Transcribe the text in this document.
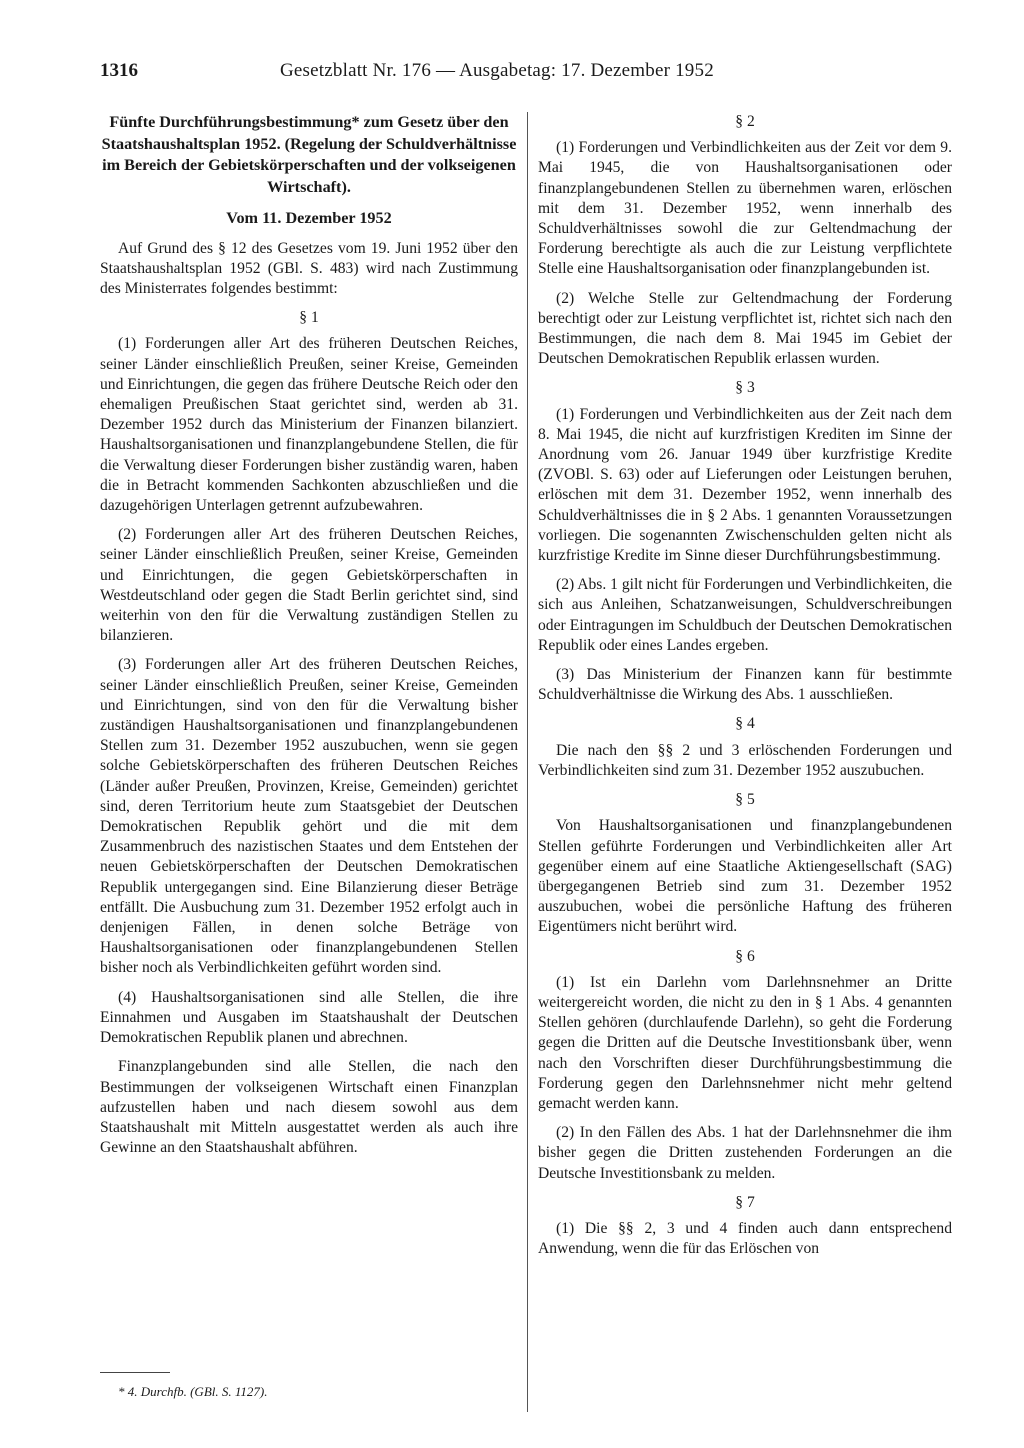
1316	Gesetzblatt Nr. 176 — Ausgabetag: 17. Dezember 1952
Fünfte Durchführungsbestimmung* zum Gesetz über den Staatshaushaltsplan 1952. (Regelung der Schuldverhältnisse im Bereich der Gebietskörperschaften und der volkseigenen Wirtschaft).
Vom 11. Dezember 1952

Auf Grund des § 12 des Gesetzes vom 19. Juni 1952 über den Staatshaushaltsplan 1952 (GBl. S. 483) wird nach Zustimmung des Ministerrates folgendes bestimmt:

§ 1

(1) Forderungen aller Art des früheren Deutschen Reiches, seiner Länder einschließlich Preußen, seiner Kreise, Gemeinden und Einrichtungen, die gegen das frühere Deutsche Reich oder den ehemaligen Preußischen Staat gerichtet sind, werden ab 31. Dezember 1952 durch das Ministerium der Finanzen bilanziert. Haushaltsorganisationen und finanzplangebundene Stellen, die für die Verwaltung dieser Forderungen bisher zuständig waren, haben die in Betracht kommenden Sachkonten abzuschließen und die dazugehörigen Unterlagen getrennt aufzubewahren.

(2) Forderungen aller Art des früheren Deutschen Reiches, seiner Länder einschließlich Preußen, seiner Kreise, Gemeinden und Einrichtungen, die gegen Gebietskörperschaften in Westdeutschland oder gegen die Stadt Berlin gerichtet sind, sind weiterhin von den für die Verwaltung zuständigen Stellen zu bilanzieren.

(3) Forderungen aller Art des früheren Deutschen Reiches, seiner Länder einschließlich Preußen, seiner Kreise, Gemeinden und Einrichtungen, sind von den für die Verwaltung bisher zuständigen Haushaltsorganisationen und finanzplangebundenen Stellen zum 31. Dezember 1952 auszubuchen, wenn sie gegen solche Gebietskörperschaften des früheren Deutschen Reiches (Länder außer Preußen, Provinzen, Kreise, Gemeinden) gerichtet sind, deren Territorium heute zum Staatsgebiet der Deutschen Demokratischen Republik gehört und die mit dem Zusammenbruch des nazistischen Staates und dem Entstehen der neuen Gebietskörperschaften der Deutschen Demokratischen Republik untergegangen sind. Eine Bilanzierung dieser Beträge entfällt. Die Ausbuchung zum 31. Dezember 1952 erfolgt auch in denjenigen Fällen, in denen solche Beträge von Haushaltsorganisationen oder finanzplangebundenen Stellen bisher noch als Verbindlichkeiten geführt worden sind.

(4) Haushaltsorganisationen sind alle Stellen, die ihre Einnahmen und Ausgaben im Staatshaushalt der Deutschen Demokratischen Republik planen und abrechnen.

Finanzplangebunden sind alle Stellen, die nach den Bestimmungen der volkseigenen Wirtschaft einen Finanzplan aufzustellen haben und nach diesem sowohl aus dem Staatshaushalt mit Mitteln ausgestattet werden als auch ihre Gewinne an den Staatshaushalt abführen.

§ 2

(1) Forderungen und Verbindlichkeiten aus der Zeit vor dem 9. Mai 1945, die von Haushaltsorganisationen oder finanzplangebundenen Stellen zu übernehmen waren, erlöschen mit dem 31. Dezember 1952, wenn innerhalb des Schuldverhältnisses sowohl die zur Geltendmachung der Forderung berechtigte als auch die zur Leistung verpflichtete Stelle eine Haushaltsorganisation oder finanzplangebunden ist.

(2) Welche Stelle zur Geltendmachung der Forderung berechtigt oder zur Leistung verpflichtet ist, richtet sich nach den Bestimmungen, die nach dem 8. Mai 1945 im Gebiet der Deutschen Demokratischen Republik erlassen wurden.

§ 3

(1) Forderungen und Verbindlichkeiten aus der Zeit nach dem 8. Mai 1945, die nicht auf kurzfristigen Krediten im Sinne der Anordnung vom 26. Januar 1949 über kurzfristige Kredite (ZVOBl. S. 63) oder auf Lieferungen oder Leistungen beruhen, erlöschen mit dem 31. Dezember 1952, wenn innerhalb des Schuldverhältnisses die in § 2 Abs. 1 genannten Voraussetzungen vorliegen. Die sogenannten Zwischenschulden gelten nicht als kurzfristige Kredite im Sinne dieser Durchführungsbestimmung.

(2) Abs. 1 gilt nicht für Forderungen und Verbindlichkeiten, die sich aus Anleihen, Schatzanweisungen, Schuldverschreibungen oder Eintragungen im Schuldbuch der Deutschen Demokratischen Republik oder eines Landes ergeben.

(3) Das Ministerium der Finanzen kann für bestimmte Schuldverhältnisse die Wirkung des Abs. 1 ausschließen.

§ 4

Die nach den §§ 2 und 3 erlöschenden Forderungen und Verbindlichkeiten sind zum 31. Dezember 1952 auszubuchen.

§ 5

Von Haushaltsorganisationen und finanzplangebundenen Stellen geführte Forderungen und Verbindlichkeiten aller Art gegenüber einem auf eine Staatliche Aktiengesellschaft (SAG) übergegangenen Betrieb sind zum 31. Dezember 1952 auszubuchen, wobei die persönliche Haftung des früheren Eigentümers nicht berührt wird.

§ 6

(1) Ist ein Darlehn vom Darlehnsnehmer an Dritte weitergereicht worden, die nicht zu den in § 1 Abs. 4 genannten Stellen gehören (durchlaufende Darlehn), so geht die Forderung gegen die Dritten auf die Deutsche Investitionsbank über, wenn nach den Vorschriften dieser Durchführungsbestimmung die Forderung gegen den Darlehnsnehmer nicht mehr geltend gemacht werden kann.

(2) In den Fällen des Abs. 1 hat der Darlehnsnehmer die ihm bisher gegen die Dritten zustehenden Forderungen an die Deutsche Investitionsbank zu melden.

§ 7

(1) Die §§ 2, 3 und 4 finden auch dann entsprechend Anwendung, wenn die für das Erlöschen von

* 4. Durchfb. (GBl. S. 1127).
